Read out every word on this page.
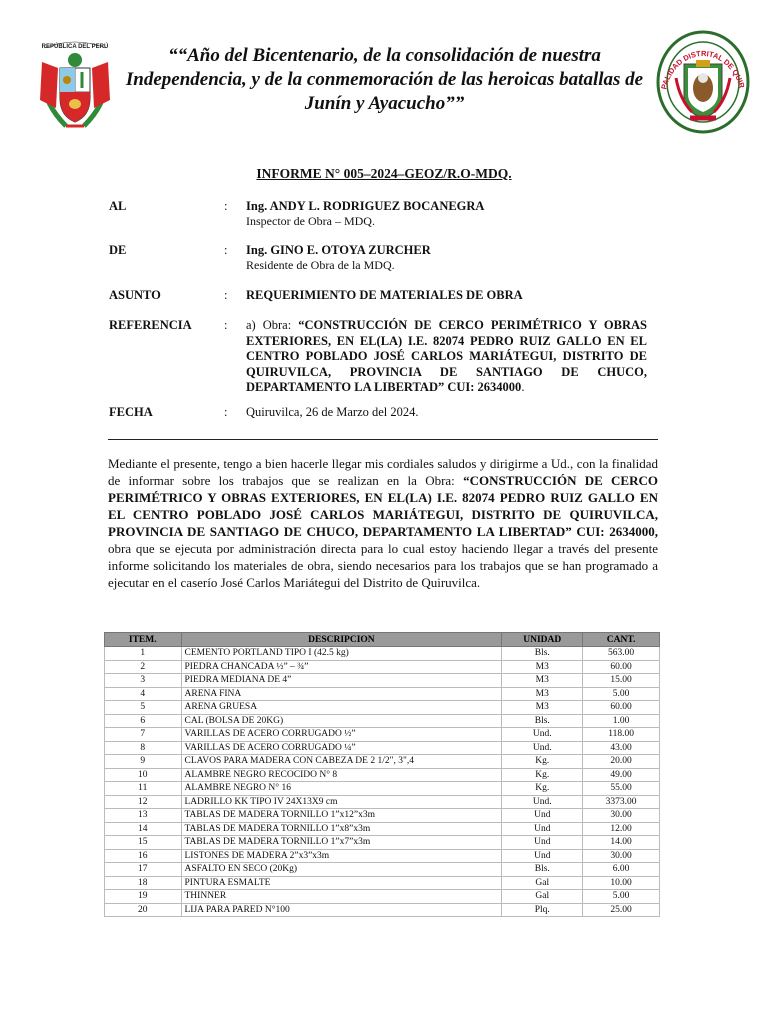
REPÚBLICA DEL PERÚ	““Año del Bicentenario, de la consolidación de nuestra Independencia, y de la conmemoración de las heroicas batallas de Junín y Ayacucho””
PALIDAD DISTRITAL DE QUIR
INFORME N° 005–2024–GEOZ/R.O-MDQ.
AL	: Ing. ANDY L. RODRIGUEZ BOCANEGRA
Inspector de Obra – MDQ.
DE	: Ing. GINO E. OTOYA ZURCHER
Residente de Obra de la MDQ.
ASUNTO	: REQUERIMIENTO DE MATERIALES DE OBRA
REFERENCIA	: a) Obra: “CONSTRUCCIÓN DE CERCO PERIMÉTRICO Y OBRAS EXTERIORES, EN EL(LA) I.E. 82074 PEDRO RUIZ GALLO EN EL CENTRO POBLADO JOSÉ CARLOS MARIÁTEGUI, DISTRITO DE QUIRUVILCA, PROVINCIA DE SANTIAGO DE CHUCO, DEPARTAMENTO LA LIBERTAD” CUI: 2634000.
FECHA	: Quiruvilca, 26 de Marzo del 2024.
Mediante el presente, tengo a bien hacerle llegar mis cordiales saludos y dirigirme a Ud., con la finalidad de informar sobre los trabajos que se realizan en la Obra: “CONSTRUCCIÓN DE CERCO PERIMÉTRICO Y OBRAS EXTERIORES, EN EL(LA) I.E. 82074 PEDRO RUIZ GALLO EN EL CENTRO POBLADO JOSÉ CARLOS MARIÁTEGUI, DISTRITO DE QUIRUVILCA, PROVINCIA DE SANTIAGO DE CHUCO, DEPARTAMENTO LA LIBERTAD” CUI: 2634000, obra que se ejecuta por administración directa para lo cual estoy haciendo llegar a través del presente informe solicitando los materiales de obra, siendo necesarios para los trabajos que se han programado a ejecutar en el caserío José Carlos Mariátegui del Distrito de Quiruvilca.
ITEM.	DESCRIPCION	UNIDAD	CANT.
1	CEMENTO PORTLAND TIPO I (42.5 kg)	Bls.	563.00
2	PIEDRA CHANCADA ½” – ¾”	M3	60.00
3	PIEDRA MEDIANA DE 4”	M3	15.00
4	ARENA FINA	M3	5.00
5	ARENA GRUESA	M3	60.00
6	CAL (BOLSA DE 20KG)	Bls.	1.00
7	VARILLAS DE ACERO CORRUGADO ½”	Und.	118.00
8	VARILLAS DE ACERO CORRUGADO ¼”	Und.	43.00
9	CLAVOS PARA MADERA CON CABEZA DE 2 1/2", 3",4	Kg.	20.00
10	ALAMBRE NEGRO RECOCIDO N° 8	Kg.	49.00
11	ALAMBRE NEGRO N° 16	Kg.	55.00
12	LADRILLO KK TIPO IV 24X13X9 cm	Und.	3373.00
13	TABLAS DE MADERA TORNILLO 1”x12”x3m	Und	30.00
14	TABLAS DE MADERA TORNILLO 1”x8”x3m	Und	12.00
15	TABLAS DE MADERA TORNILLO 1”x7”x3m	Und	14.00
16	LISTONES DE MADERA 2”x3”x3m	Und	30.00
17	ASFALTO EN SECO (20Kg)	Bls.	6.00
18	PINTURA ESMALTE	Gal	10.00
19	THINNER	Gal	5.00
20	LIJA PARA PARED N°100	Plq.	25.00
